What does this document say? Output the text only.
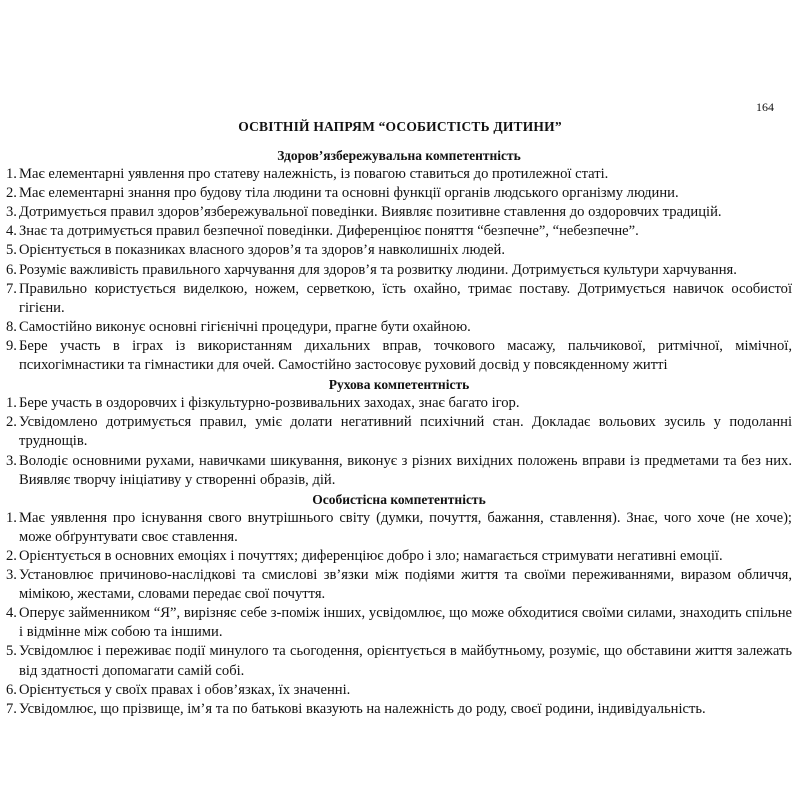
164
ОСВІТНІЙ НАПРЯМ “ОСОБИСТІСТЬ ДИТИНИ”
Здоров’язбережувальна компетентність
1. Має елементарні уявлення про статеву належність, із повагою ставиться до протилежної статі.
2. Має елементарні знання про будову тіла людини та основні функції органів людського організму людини.
3. Дотримується правил здоров’язбережувальної поведінки. Виявляє позитивне ставлення до оздоровчих традицій.
4. Знає та дотримується правил безпечної поведінки. Диференціює поняття “безпечне”, “небезпечне”.
5. Орієнтується в показниках власного здоров’я та здоров’я навколишніх людей.
6. Розуміє важливість правильного харчування для здоров’я та розвитку людини. Дотримується культури харчування.
7. Правильно користується виделкою, ножем, серветкою, їсть охайно, тримає поставу. Дотримується навичок особистої гігієни.
8. Самостійно виконує основні гігієнічні процедури, прагне бути охайною.
9. Бере участь в іграх із використанням дихальних вправ, точкового масажу, пальчикової, ритмічної, мімічної, психогімнастики та гімнастики для очей. Самостійно застосовує руховий досвід у повсякденному житті
Рухова компетентність
1. Бере участь в оздоровчих і фізкультурно-розвивальних заходах, знає багато ігор.
2. Усвідомлено дотримується правил, уміє долати негативний психічний стан. Докладає вольових зусиль у подоланні труднощів.
3. Володіє основними рухами, навичками шикування, виконує з різних вихідних положень вправи із предметами та без них. Виявляє творчу ініціативу у створенні образів, дій.
Особистісна компетентність
1. Має уявлення про існування свого внутрішнього світу (думки, почуття, бажання, ставлення). Знає, чого хоче (не хоче); може обґрунтувати своє ставлення.
2. Орієнтується в основних емоціях і почуттях; диференціює добро і зло; намагається стримувати негативні емоції.
3. Установлює причиново-наслідкові та смислові зв’язки між подіями життя та своїми переживаннями, виразом обличчя, мімікою, жестами, словами передає свої почуття.
4. Оперує займенником “Я”, вирізняє себе з-поміж інших, усвідомлює, що може обходитися своїми силами, знаходить спільне і відмінне між собою та іншими.
5. Усвідомлює і переживає події минулого та сьогодення, орієнтується в майбутньому, розуміє, що обставини життя залежать від здатності допомагати самій собі.
6. Орієнтується у своїх правах і обов’язках, їх значенні.
7. Усвідомлює, що прізвище, ім’я та по батькові вказують на належність до роду, своєї родини, індивідуальність.
